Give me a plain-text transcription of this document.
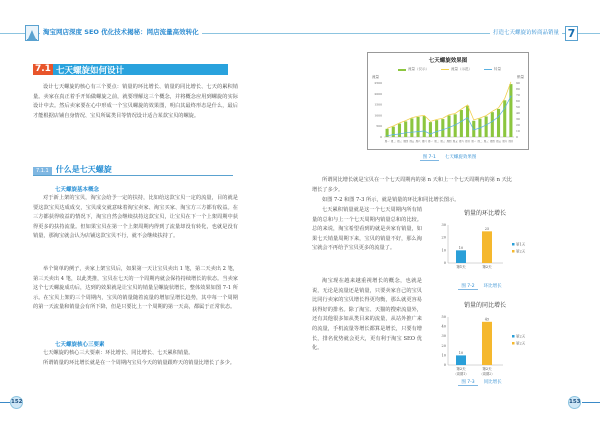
淘宝网店深度 SEO 优化技术揭秘：网店流量高效转化
7.1 七天螺旋如何设计

设计七天螺旋的核心有三个要点：销量的环比增长、销量的同比增长、七天的累积销量。卖家在真正着手开始做螺旋之前，就要理解这三个概念，并将概念应用到螺旋的实际设计中去。然后卖家要在心中形成一个宝贝螺旋的效果图，明白其最终形态是什么，最后才能根据店铺自身情况、宝贝所属类目等情况设计适合某款宝贝的螺旋。

7.1.1 什么是七天螺旋
七天螺旋基本概念

对于新上架的宝贝，淘宝会给予一定的扶持，比如给这款宝贝一定的流量，目的就是要这款宝贝达成成交，宝贝成交就意味着淘宝卖家、淘宝买家、淘宝方三方都有收益。在三方都获得收益的情况下，淘宝自然会继续扶持这款宝贝，让宝贝在下一个上架周期中获得更多的扶持流量。但如果宝贝在第一个上架周期内得到了流量却没有转化，也就是没有销量，那淘宝就会认为店铺这款宝贝不行，就不会继续扶持了。

举个简单的例子，卖家上架宝贝后，如果第一天让宝贝卖出 1 笔，第二天卖出 2 笔，第三天卖出 4 笔，以此类推，宝贝在七天的一个周期内就会保持持续增长的状态。当卖家这个七天螺旋成功后，达到的效果就是让宝贝的销量呈螺旋状增长，整体效果如图 7-1 所示。在宝贝上架的三个周期内，宝贝的销量随着流量的增加呈增长趋势，其中每一个周期的第一天流量和销量会有所下降，但是只要比上一个周期的第一天高，都属于正常状态。

七天螺旋核心三要素

七天螺旋的核心三大要素：环比增长、同比增长、七天累积销量。

所谓销量的环比增长就是在一个周期内宝贝今天的销量跟昨天的销量比增长了多少。

152
打造七天螺旋访转商品销量 7
七天螺旋效果图
流量（仅示）	流量（示范）	转量
流量	销量
0
500
1000
1500
2000
2500
0
10
20
30
40
50
60
70
80
90
周一 周二 周三 周四 周五 周六 周日 周一 周二 周三 周四 周五 周六 周日 周一 周二 周三 周四 周五 周六 周日
图 7-1 七天螺旋效果图

所谓同比增长就是宝贝在一个七天周期内的第 n 天和上一个七天周期内的第 n 天比增长了多少。

如图 7-2 和图 7-3 所示，就是销量的环比和同比增长图示。

七天累积销量就是这一个七天周期内所有销量的总和与上一个七天周期内销量总和的比较。总的来说，淘宝希望看到的就是卖家有销量，如果七天销量周期下来，宝贝的销量不好，那么淘宝就会不再给予宝贝更多的流量了。

淘宝现在越来越重视增长的概念，也就是说，无论是流量还是销量，只要卖家自己的宝贝比同行卖家的宝贝增长得更均衡，那么就更容易获得好的排名。除了淘宝、天猫的搜索流量外，还有其他很多如从类目来的流量，从站外推广来的流量，手机流量等增长都算是增长，只要有增长，排名优势就会更大，更有利于淘宝 SEO 优化。

销量的环比增长
0
10
20
30
10
第1天
25
第2天
第1天
第2天
图 7-2 环比增长
销量的同比增长
0
10
20
30
40
50
10
第2天
（周期1）
45
第2天
（周期2）
第2天
第2天
图 7-3 同比增长
153
